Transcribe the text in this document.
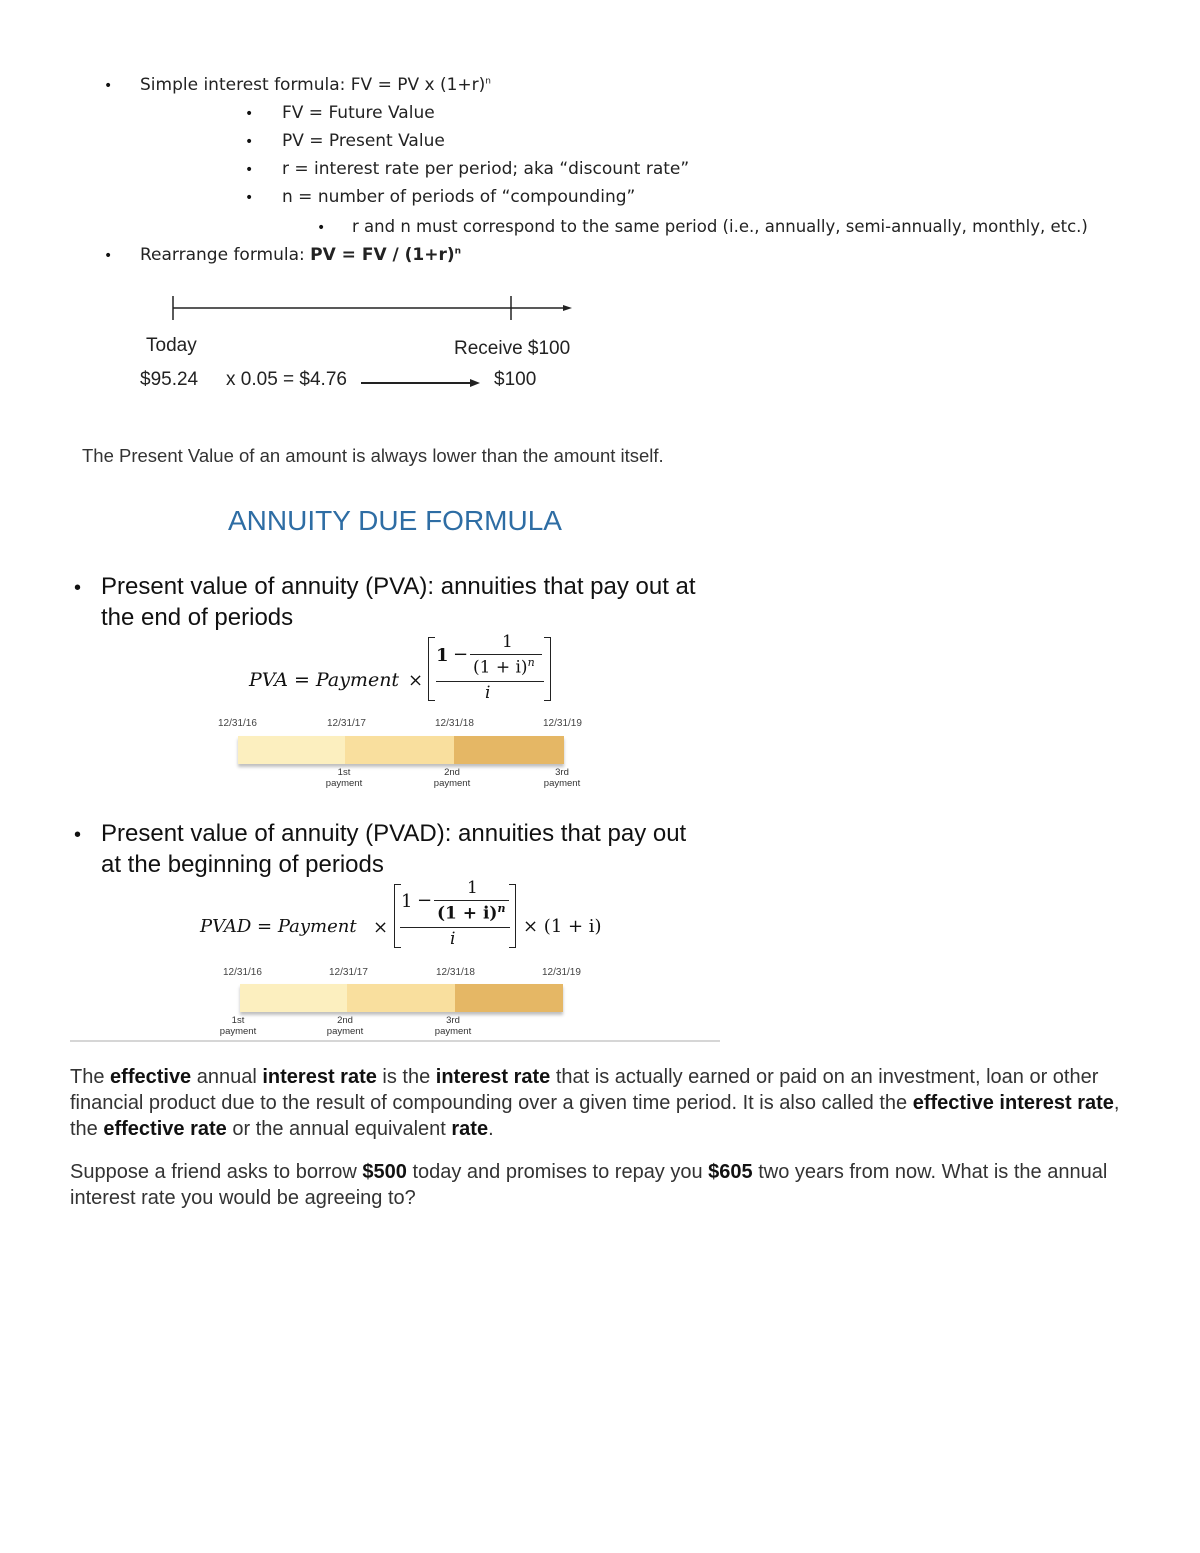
• Simple interest formula: FV = PV x $(1+r)^n$
• FV = Future Value
• PV = Present Value
• r = interest rate per period; aka “discount rate”
• n = number of periods of “compounding”
• r and n must correspond to the same period (i.e., annually, semi-annually, monthly, etc.)
• Rearrange formula: PV = FV / $(1+r)^n$
Today	Receive $100
$95.24 x 0.05 = $4.76	$100
The Present Value of an amount is always lower than the amount itself.
ANNUITY DUE FORMULA
• Present value of annuity (PVA): annuities that pay out at
the end of periods
PVA = Payment ×
1 −
1
$(1 + i)^n$
i
12/31/16	12/31/17	12/31/18	12/31/19
1st
payment
2nd
payment
3rd
payment
• Present value of annuity (PVAD): annuities that pay out
at the beginning of periods
PVAD = Payment ×
1 −
1
$(1 + i)^n$
i
× (1 + i)
12/31/16	12/31/17	12/31/18	12/31/19
1st
payment
2nd
payment
3rd
payment
The effective annual interest rate is the interest rate that is actually earned or paid on an investment, loan or other financial product due to the result of compounding over a given time period. It is also called the effective interest rate, the effective rate or the annual equivalent rate.
Suppose a friend asks to borrow $500 today and promises to repay you $605 two years from now. What is the annual interest rate you would be agreeing to?
